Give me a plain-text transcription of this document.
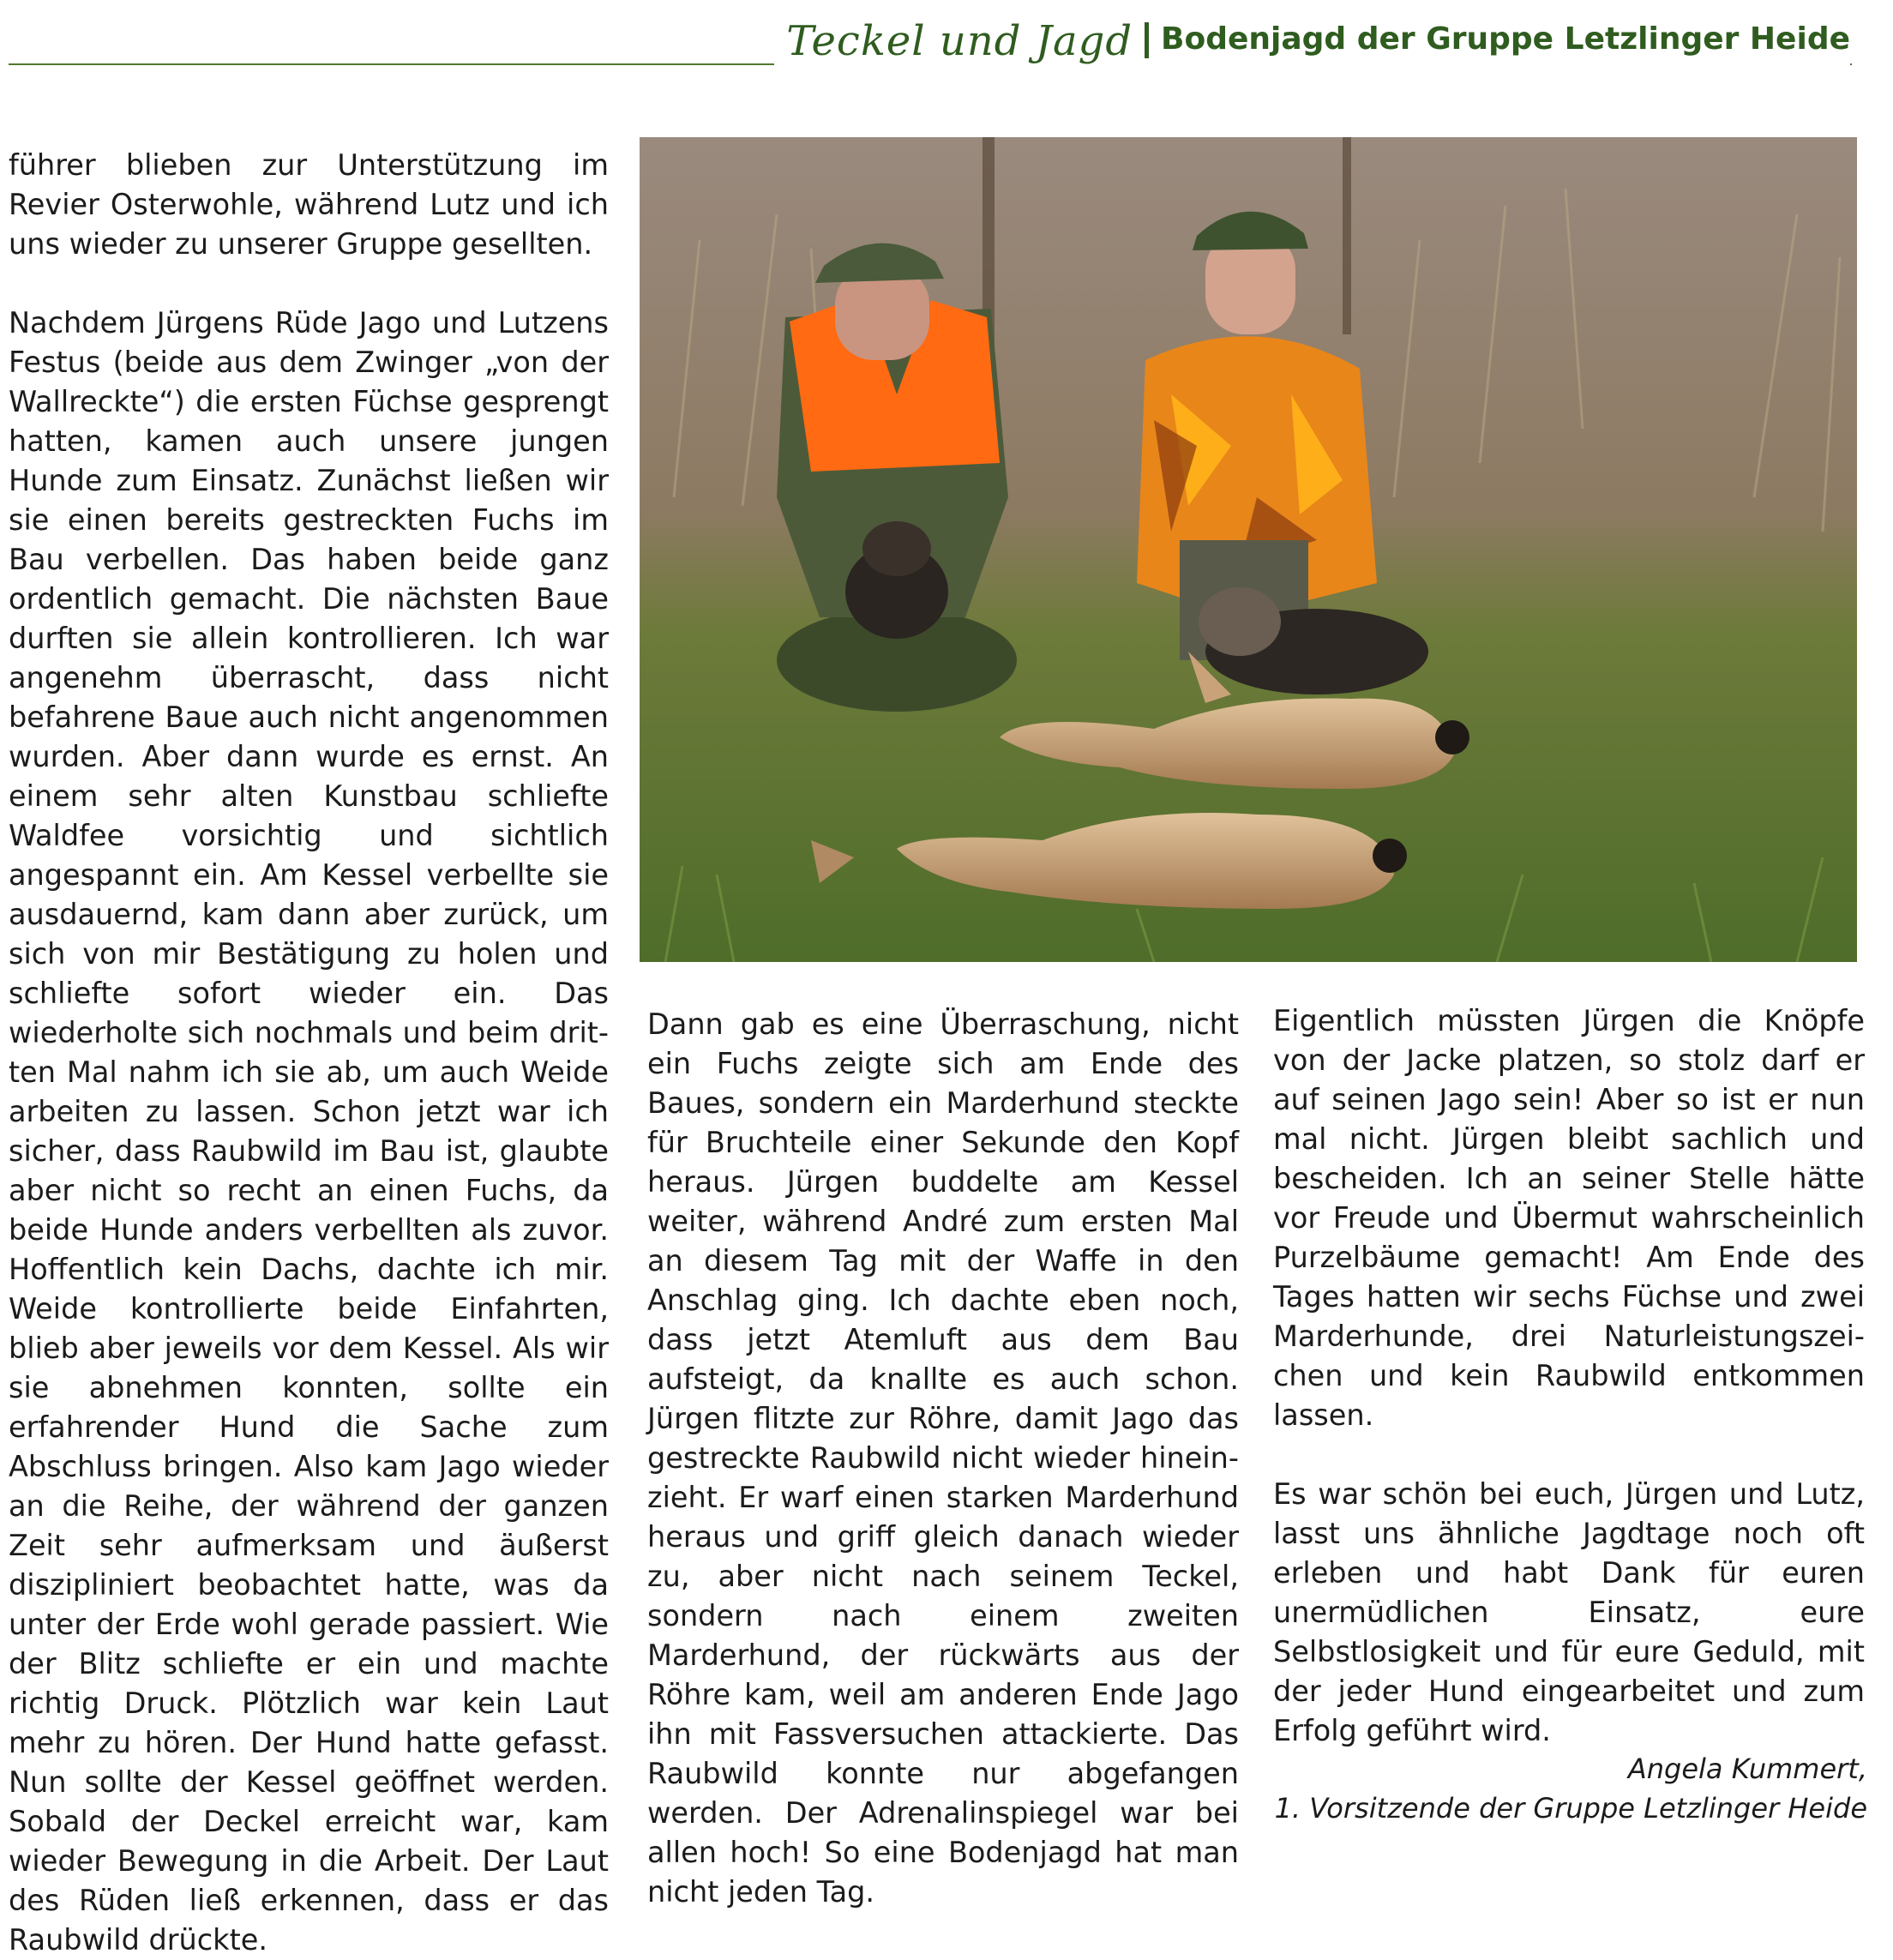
Teckel und Jagd Bodenjagd der Gruppe Letzlinger Heide

führer blieben zur Unterstützung im Revier Osterwohle, während Lutz und ich uns wieder zu unserer Gruppe gesellten.

Nachdem Jürgens Rüde Jago und Lutzens Festus (beide aus dem Zwinger „von der Wallreckte“) die ersten Füchse gesprengt hatten, kamen auch unsere jungen Hunde zum Einsatz. Zunächst ließen wir sie einen bereits gestreckten Fuchs im Bau verbellen. Das haben beide ganz ordentlich gemacht. Die nächsten Baue durften sie allein kontrollieren. Ich war angenehm überrascht, dass nicht befahrene Baue auch nicht angenommen wurden. Aber dann wurde es ernst. An einem sehr alten Kunstbau schliefte Waldfee vorsichtig und sichtlich angespannt ein. Am Kessel verbellte sie ausdauernd, kam dann aber zurück, um sich von mir Bestätigung zu holen und schliefte sofort wieder ein. Das wiederholte sich nochmals und beim dritten Mal nahm ich sie ab, um auch Weide arbeiten zu lassen. Schon jetzt war ich sicher, dass Raubwild im Bau ist, glaubte aber nicht so recht an einen Fuchs, da beide Hunde anders verbellten als zuvor. Hoffentlich kein Dachs, dachte ich mir. Weide kontrollierte beide Einfahrten, blieb aber jeweils vor dem Kessel. Als wir sie abnehmen konnten, sollte ein erfahrender Hund die Sache zum Abschluss bringen. Also kam Jago wieder an die Reihe, der während der ganzen Zeit sehr aufmerksam und äußerst diszipliniert beobachtet hatte, was da unter der Erde wohl gerade passiert. Wie der Blitz schliefte er ein und machte richtig Druck. Plötzlich war kein Laut mehr zu hören. Der Hund hatte gefasst. Nun sollte der Kessel geöffnet werden. Sobald der Deckel erreicht war, kam wieder Bewegung in die Arbeit. Der Laut des Rüden ließ erkennen, dass er das Raubwild drückte.

Dann gab es eine Überraschung, nicht ein Fuchs zeigte sich am Ende des Baues, sondern ein Marderhund steckte für Bruchteile einer Sekunde den Kopf heraus. Jürgen buddelte am Kessel weiter, während André zum ersten Mal an diesem Tag mit der Waffe in den Anschlag ging. Ich dachte eben noch, dass jetzt Atemluft aus dem Bau aufsteigt, da knallte es auch schon. Jürgen flitzte zur Röhre, damit Jago das gestreckte Raubwild nicht wieder hineinzieht. Er warf einen starken Marderhund heraus und griff gleich danach wieder zu, aber nicht nach seinem Teckel, sondern nach einem zweiten Marderhund, der rückwärts aus der Röhre kam, weil am anderen Ende Jago ihn mit Fassversuchen attackierte. Das Raubwild konnte nur abgefangen werden. Der Adrenalinspiegel war bei allen hoch! So eine Bodenjagd hat man nicht jeden Tag.

Eigentlich müssten Jürgen die Knöpfe von der Jacke platzen, so stolz darf er auf seinen Jago sein! Aber so ist er nun mal nicht. Jürgen bleibt sachlich und bescheiden. Ich an seiner Stelle hätte vor Freude und Übermut wahrscheinlich Purzelbäume gemacht! Am Ende des Tages hatten wir sechs Füchse und zwei Marderhunde, drei Naturleistungszeichen und kein Raubwild entkommen lassen.

Es war schön bei euch, Jürgen und Lutz, lasst uns ähnliche Jagdtage noch oft erleben und habt Dank für euren unermüdlichen Einsatz, eure Selbstlosigkeit und für eure Geduld, mit der jeder Hund eingearbeitet und zum Erfolg geführt wird.

Angela Kummert,
1. Vorsitzende der Gruppe Letzlinger Heide
